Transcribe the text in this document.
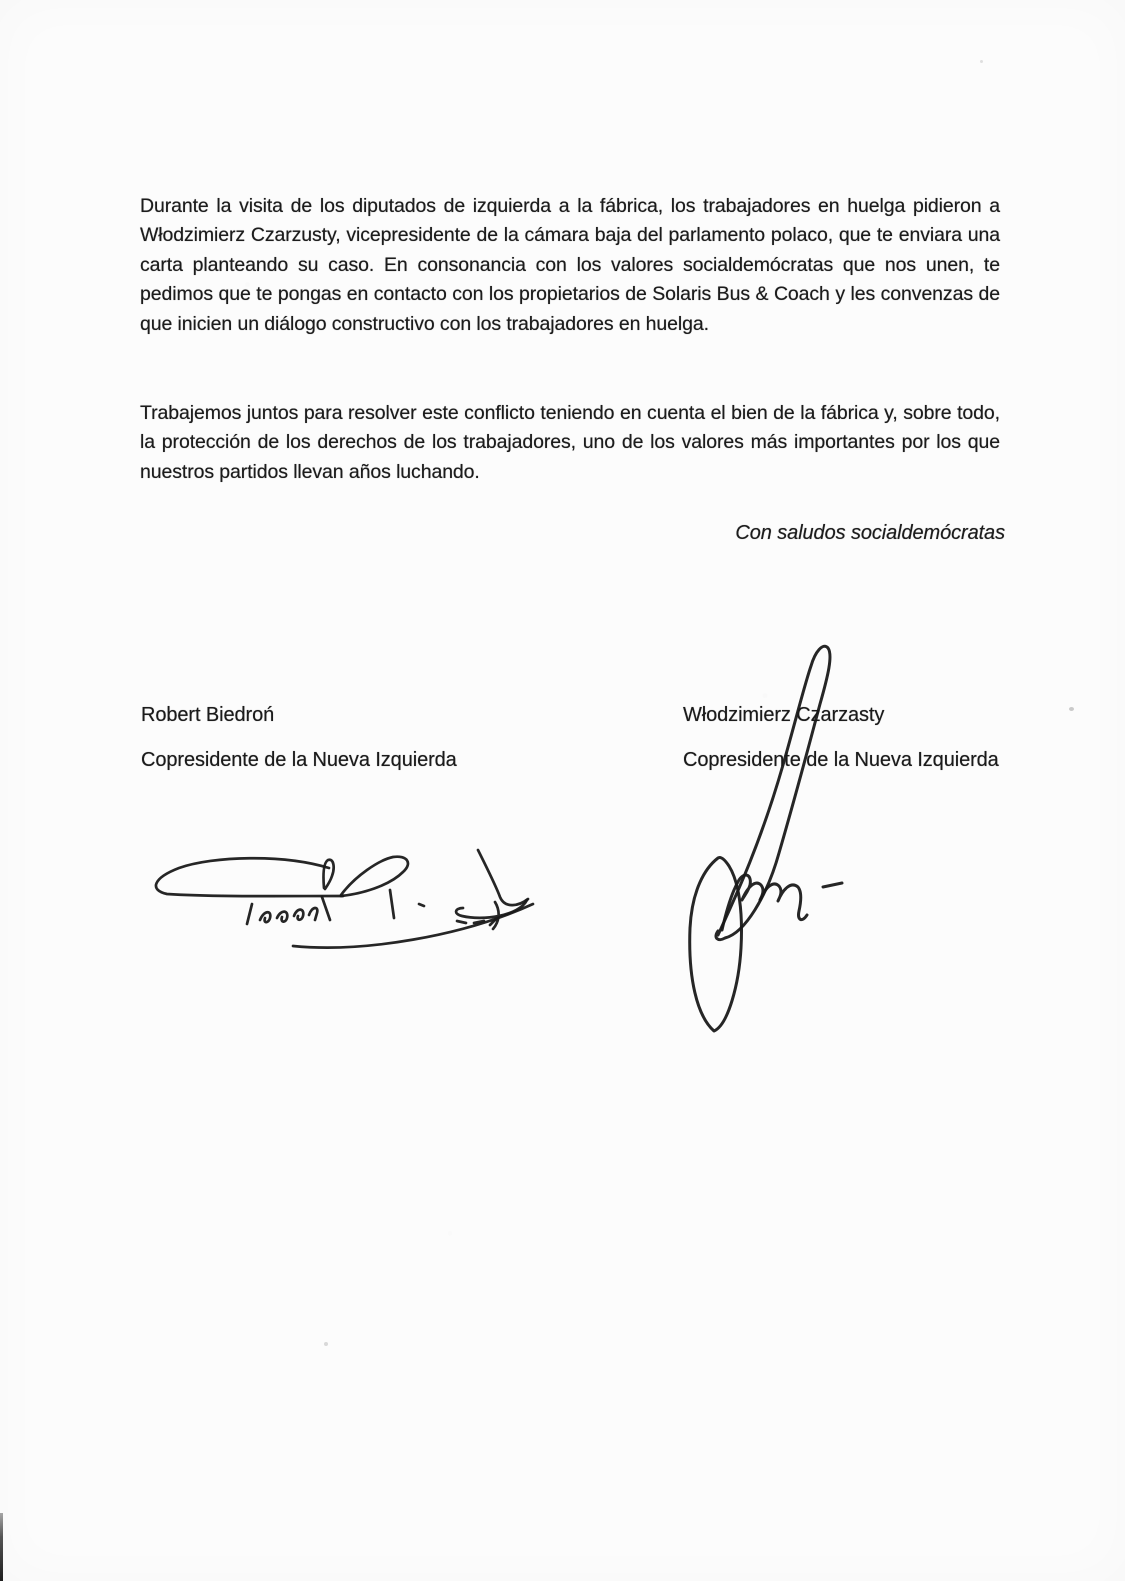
Durante la visita de los diputados de izquierda a la fábrica, los trabajadores en huelga pidieron a Włodzimierz Czarzusty, vicepresidente de la cámara baja del parlamento polaco, que te enviara una carta planteando su caso. En consonancia con los valores socialdemócratas que nos unen, te pedimos que te pongas en contacto con los propietarios de Solaris Bus & Coach y les convenzas de que inicien un diálogo constructivo con los trabajadores en huelga.

Trabajemos juntos para resolver este conflicto teniendo en cuenta el bien de la fábrica y, sobre todo, la protección de los derechos de los trabajadores, uno de los valores más importantes por los que nuestros partidos llevan años luchando.

Con saludos socialdemócratas
Robert Biedroń
Copresidente de la Nueva Izquierda
Włodzimierz Czarzasty
Copresidente de la Nueva Izquierda
